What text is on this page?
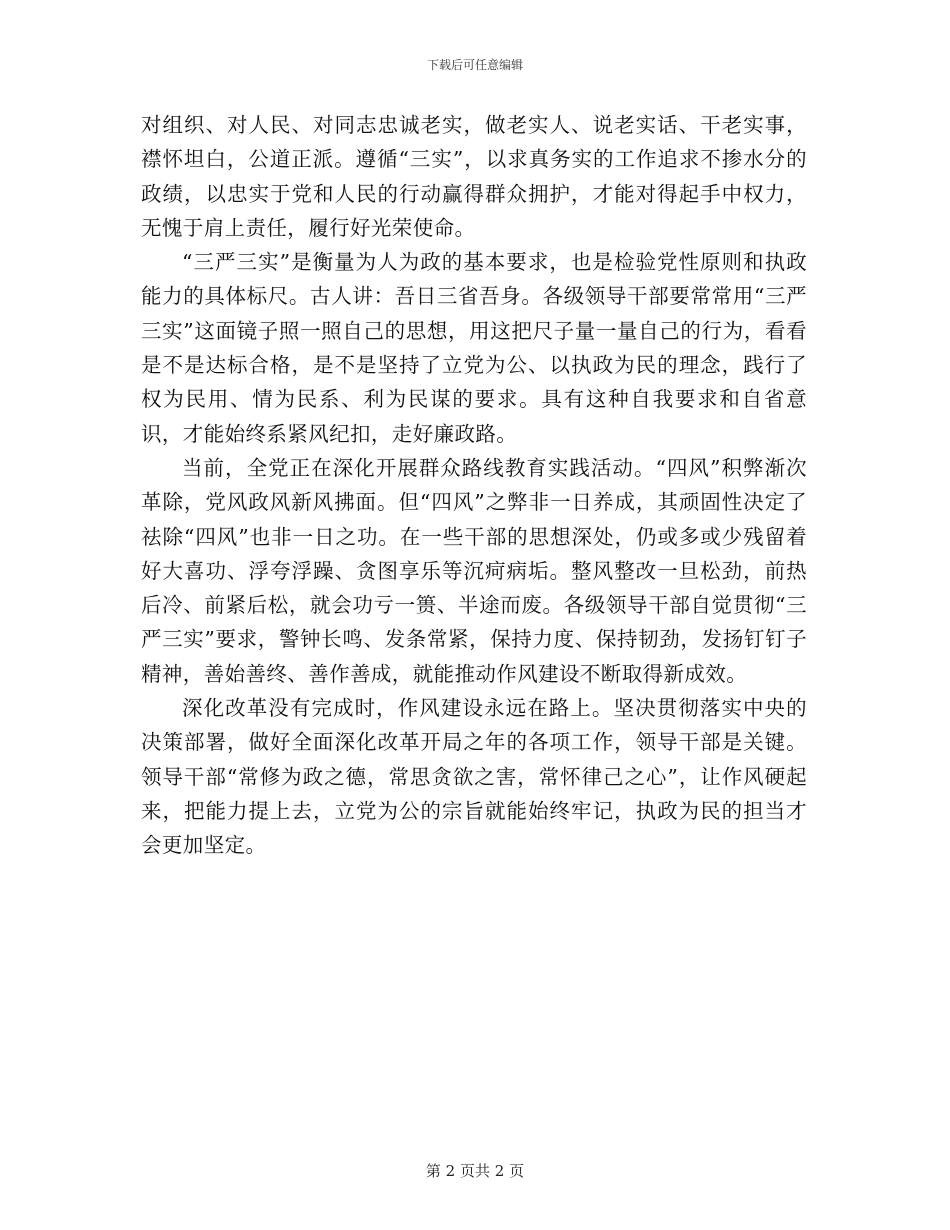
下载后可任意编辑

对组织、对人民、对同志忠诚老实，做老实人、说老实话、干老实事，襟怀坦白，公道正派。遵循“三实”，以求真务实的工作追求不掺水分的政绩，以忠实于党和人民的行动赢得群众拥护，才能对得起手中权力，无愧于肩上责任，履行好光荣使命。

“三严三实”是衡量为人为政的基本要求，也是检验党性原则和执政能力的具体标尺。古人讲：吾日三省吾身。各级领导干部要常常用“三严三实”这面镜子照一照自己的思想，用这把尺子量一量自己的行为，看看是不是达标合格，是不是坚持了立党为公、以执政为民的理念，践行了权为民用、情为民系、利为民谋的要求。具有这种自我要求和自省意识，才能始终系紧风纪扣，走好廉政路。

当前，全党正在深化开展群众路线教育实践活动。“四风”积弊渐次革除，党风政风新风拂面。但“四风”之弊非一日养成，其顽固性决定了祛除“四风”也非一日之功。在一些干部的思想深处，仍或多或少残留着好大喜功、浮夸浮躁、贪图享乐等沉疴病垢。整风整改一旦松劲，前热后冷、前紧后松，就会功亏一篑、半途而废。各级领导干部自觉贯彻“三严三实”要求，警钟长鸣、发条常紧，保持力度、保持韧劲，发扬钉钉子精神，善始善终、善作善成，就能推动作风建设不断取得新成效。

深化改革没有完成时，作风建设永远在路上。坚决贯彻落实中央的决策部署，做好全面深化改革开局之年的各项工作，领导干部是关键。领导干部“常修为政之德，常思贪欲之害，常怀律己之心”，让作风硬起来，把能力提上去，立党为公的宗旨就能始终牢记，执政为民的担当才会更加坚定。

第 2 页共 2 页
